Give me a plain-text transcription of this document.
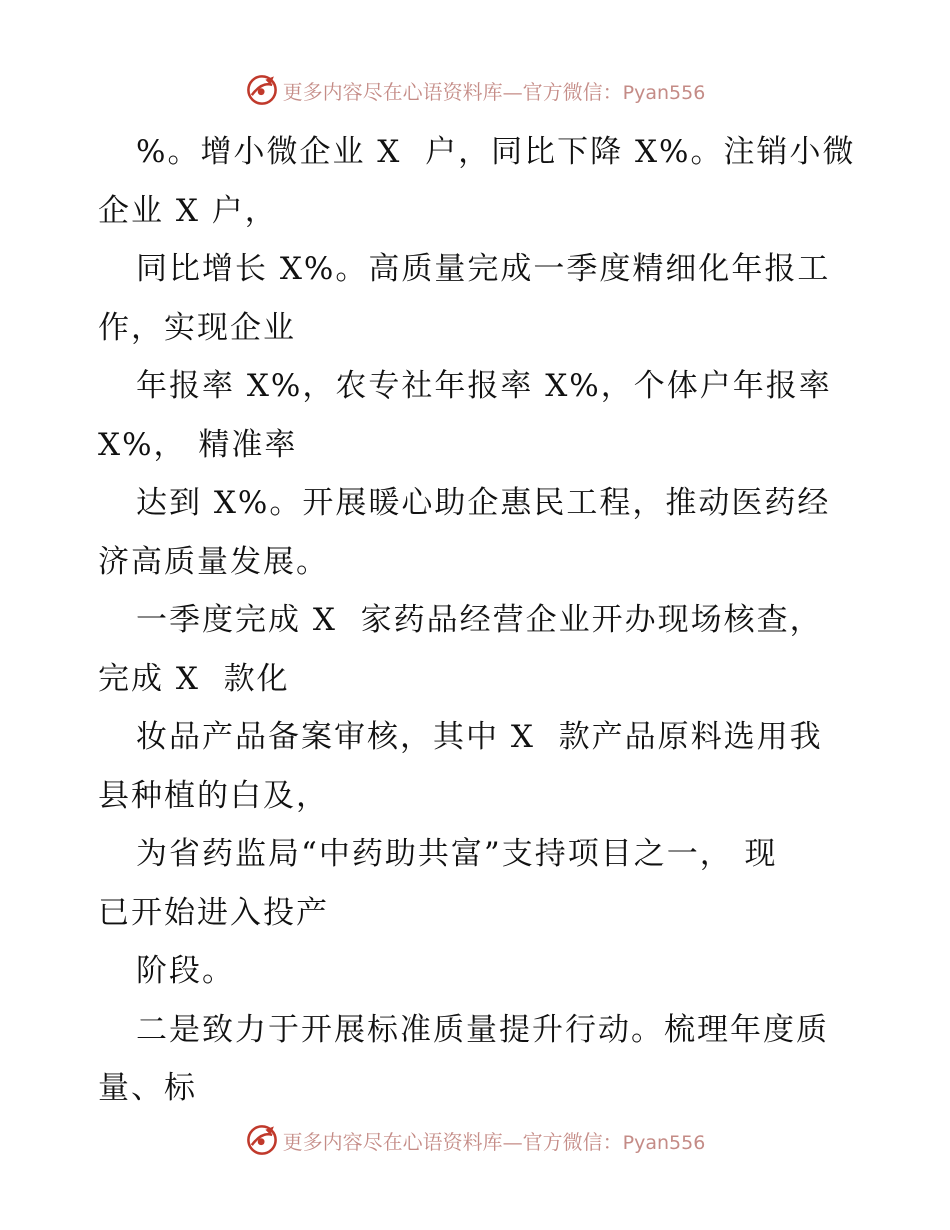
更多内容尽在心语资料库—官方微信：Pyan556
%。增小微企业 X  户，同比下降 X%。注销小微
企业 X 户，
同比增长 X%。高质量完成一季度精细化年报工
作，实现企业
年报率 X%，农专社年报率 X%，个体户年报率
X%， 精准率
达到 X%。开展暖心助企惠民工程，推动医药经
济高质量发展。
一季度完成 X  家药品经营企业开办现场核查，
完成 X  款化
妆品产品备案审核，其中 X  款产品原料选用我
县种植的白及，
为省药监局“中药助共富”支持项目之一， 现
已开始进入投产
阶段。
二是致力于开展标准质量提升行动。梳理年度质
量、标
更多内容尽在心语资料库—官方微信：Pyan556
